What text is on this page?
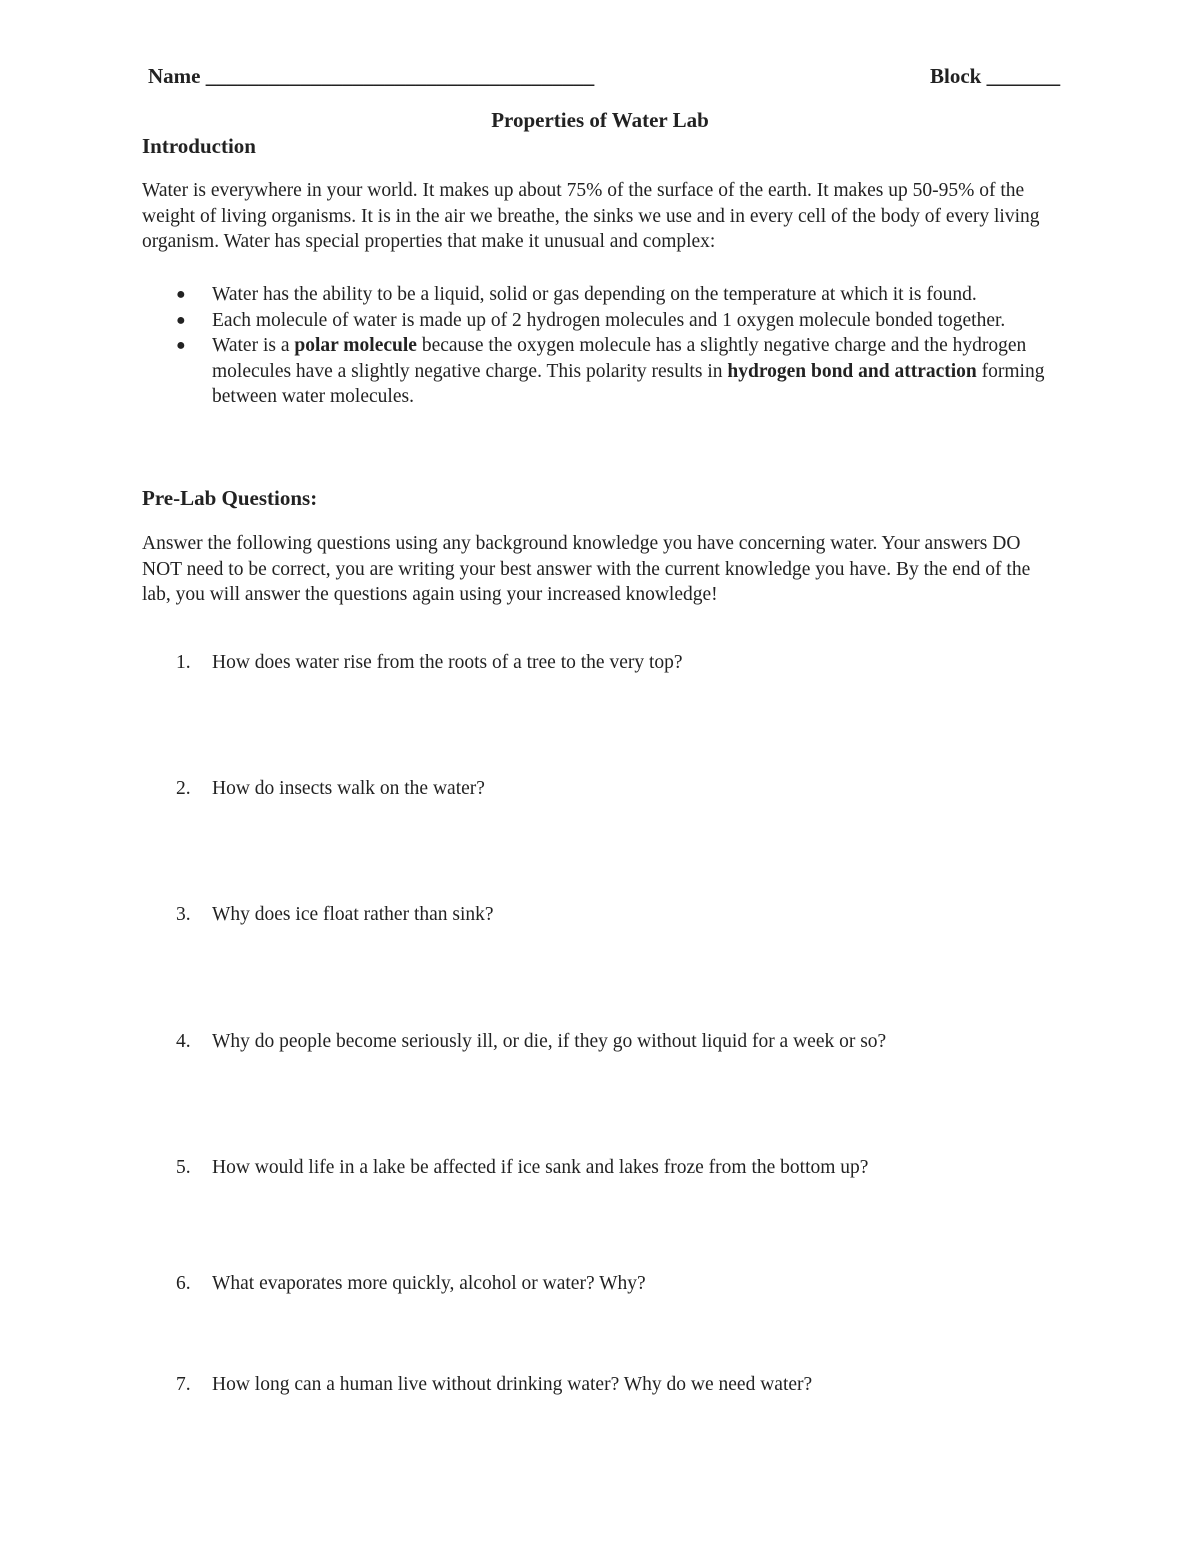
Name _____________________________________	Block _______
Properties of Water Lab
Introduction

Water is everywhere in your world. It makes up about 75% of the surface of the earth. It makes up 50-95% of the weight of living organisms. It is in the air we breathe, the sinks we use and in every cell of the body of every living organism. Water has special properties that make it unusual and complex:

● Water has the ability to be a liquid, solid or gas depending on the temperature at which it is found.
● Each molecule of water is made up of 2 hydrogen molecules and 1 oxygen molecule bonded together.
● Water is a polar molecule because the oxygen molecule has a slightly negative charge and the hydrogen molecules have a slightly negative charge. This polarity results in hydrogen bond and attraction forming between water molecules.
Pre-Lab Questions:

Answer the following questions using any background knowledge you have concerning water. Your answers DO NOT need to be correct, you are writing your best answer with the current knowledge you have. By the end of the lab, you will answer the questions again using your increased knowledge!

1. How does water rise from the roots of a tree to the very top?
2. How do insects walk on the water?
3. Why does ice float rather than sink?
4. Why do people become seriously ill, or die, if they go without liquid for a week or so?
5. How would life in a lake be affected if ice sank and lakes froze from the bottom up?
6. What evaporates more quickly, alcohol or water? Why?
7. How long can a human live without drinking water? Why do we need water?
